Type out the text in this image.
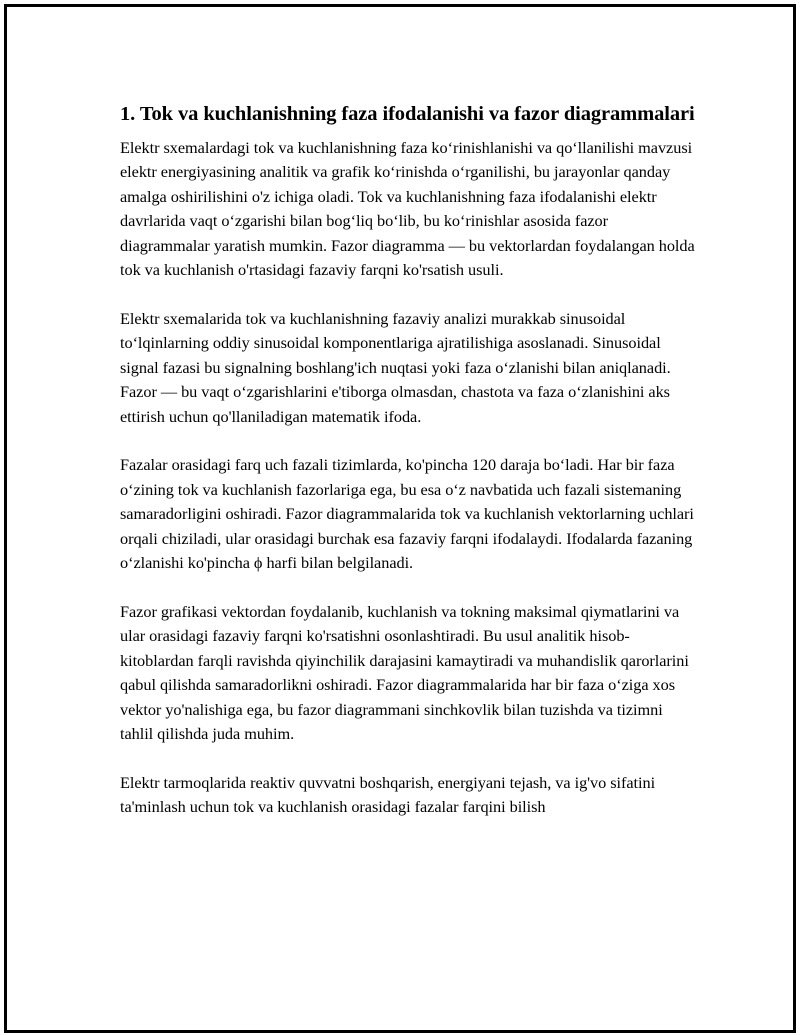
1. Tok va kuchlanishning faza ifodalanishi va fazor diagrammalari

Elektr sxemalardagi tok va kuchlanishning faza koʻrinishlanishi va qoʻllanilishi mavzusi elektr energiyasining analitik va grafik koʻrinishda oʻrganilishi, bu jarayonlar qanday amalga oshirilishini o'z ichiga oladi. Tok va kuchlanishning faza ifodalanishi elektr davrlarida vaqt oʻzgarishi bilan bogʻliq boʻlib, bu koʻrinishlar asosida fazor diagrammalar yaratish mumkin. Fazor diagramma — bu vektorlardan foydalangan holda tok va kuchlanish o'rtasidagi fazaviy farqni ko'rsatish usuli.

Elektr sxemalarida tok va kuchlanishning fazaviy analizi murakkab sinusoidal toʻlqinlarning oddiy sinusoidal komponentlariga ajratilishiga asoslanadi. Sinusoidal signal fazasi bu signalning boshlang'ich nuqtasi yoki faza oʻzlanishi bilan aniqlanadi. Fazor — bu vaqt oʻzgarishlarini e'tiborga olmasdan, chastota va faza oʻzlanishini aks ettirish uchun qo'llaniladigan matematik ifoda.

Fazalar orasidagi farq uch fazali tizimlarda, ko'pincha 120 daraja boʻladi. Har bir faza oʻzining tok va kuchlanish fazorlariga ega, bu esa oʻz navbatida uch fazali sistemaning samaradorligini oshiradi. Fazor diagrammalarida tok va kuchlanish vektorlarning uchlari orqali chiziladi, ular orasidagi burchak esa fazaviy farqni ifodalaydi. Ifodalarda fazaning oʻzlanishi ko'pincha ϕ harfi bilan belgilanadi.

Fazor grafikasi vektordan foydalanib, kuchlanish va tokning maksimal qiymatlarini va ular orasidagi fazaviy farqni ko'rsatishni osonlashtiradi. Bu usul analitik hisob-kitoblardan farqli ravishda qiyinchilik darajasini kamaytiradi va muhandislik qarorlarini qabul qilishda samaradorlikni oshiradi. Fazor diagrammalarida har bir faza oʻziga xos vektor yo'nalishiga ega, bu fazor diagrammani sinchkovlik bilan tuzishda va tizimni tahlil qilishda juda muhim.

Elektr tarmoqlarida reaktiv quvvatni boshqarish, energiyani tejash, va ig'vo sifatini ta'minlash uchun tok va kuchlanish orasidagi fazalar farqini bilish
